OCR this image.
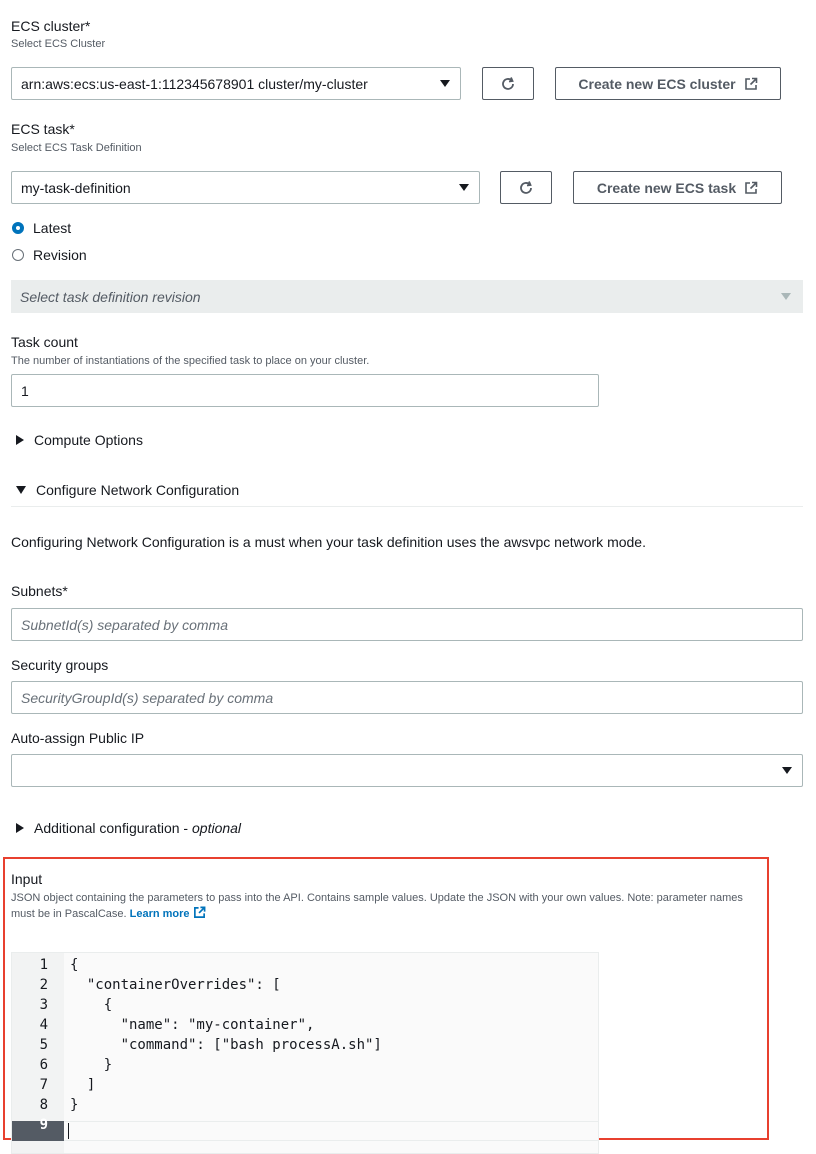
ECS cluster*
Select ECS Cluster
arn:aws:ecs:us-east-1:112345678901 cluster/my-cluster	Create new ECS cluster
ECS task*
Select ECS Task Definition
my-task-definition	Create new ECS task
Latest
Revision
Select task definition revision
Task count
The number of instantiations of the specified task to place on your cluster.
1
Compute Options
Configure Network Configuration
Configuring Network Configuration is a must when your task definition uses the awsvpc network mode.
Subnets*
SubnetId(s) separated by comma
Security groups
SecurityGroupId(s) separated by comma
Auto-assign Public IP
Additional configuration - optional
Input
JSON object containing the parameters to pass into the API. Contains sample values. Update the JSON with your own values. Note: parameter names must be in PascalCase. Learn more
1
2
3
4
5
6
7
8
9
{
"containerOverrides": [
{
"name": "my-container",
"command": ["bash processA.sh"]
}
]
}
